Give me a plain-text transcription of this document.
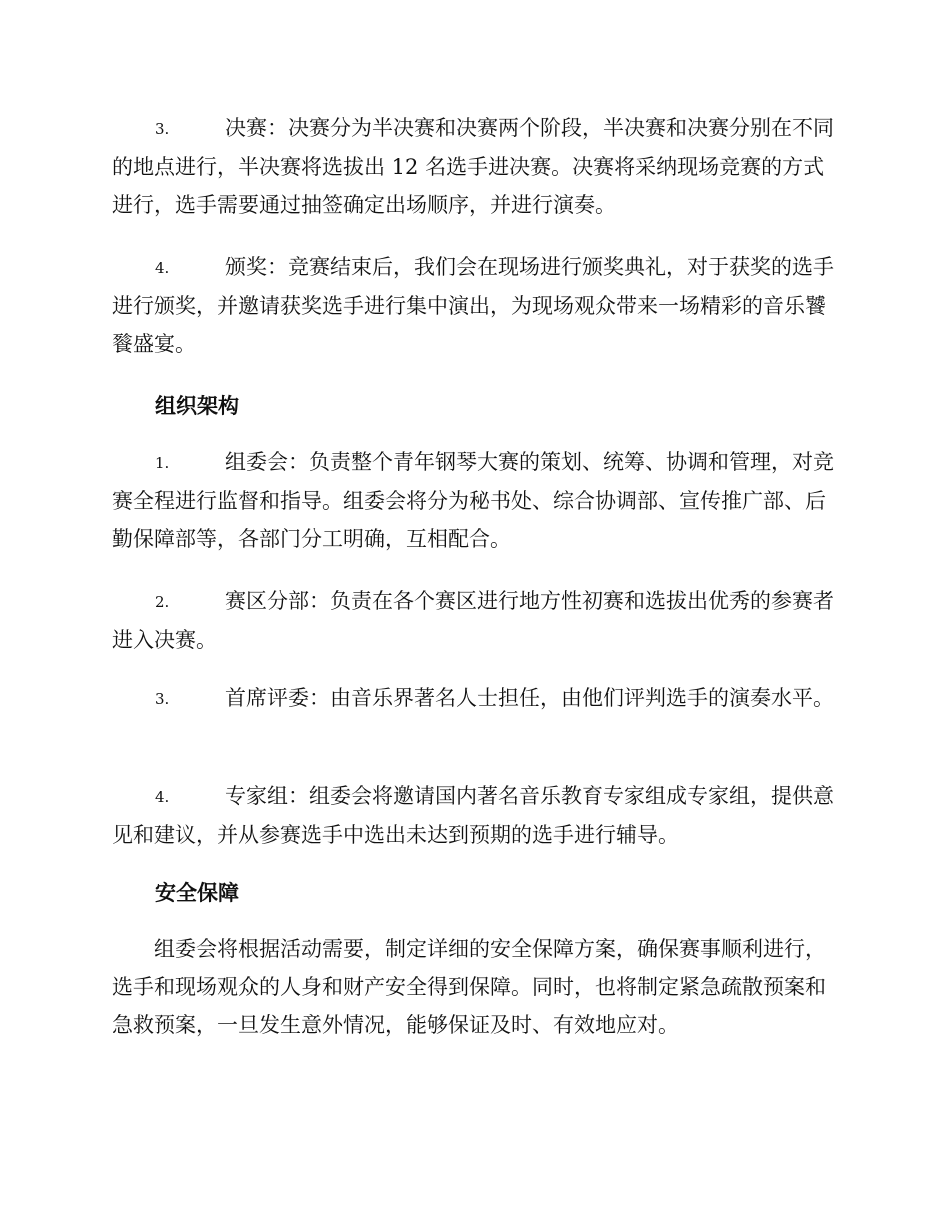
3.	决赛：决赛分为半决赛和决赛两个阶段，半决赛和决赛分别在不同的地点进行，半决赛将选拔出 12 名选手进决赛。决赛将采纳现场竞赛的方式进行，选手需要通过抽签确定出场顺序，并进行演奏。

4.	颁奖：竞赛结束后，我们会在现场进行颁奖典礼，对于获奖的选手进行颁奖，并邀请获奖选手进行集中演出，为现场观众带来一场精彩的音乐饕餮盛宴。

组织架构

1.	组委会：负责整个青年钢琴大赛的策划、统筹、协调和管理，对竞赛全程进行监督和指导。组委会将分为秘书处、综合协调部、宣传推广部、后勤保障部等，各部门分工明确，互相配合。

2.	赛区分部：负责在各个赛区进行地方性初赛和选拔出优秀的参赛者进入决赛。

3.	首席评委：由音乐界著名人士担任，由他们评判选手的演奏水平。

4.	专家组：组委会将邀请国内著名音乐教育专家组成专家组，提供意见和建议，并从参赛选手中选出未达到预期的选手进行辅导。

安全保障

组委会将根据活动需要，制定详细的安全保障方案，确保赛事顺利进行，选手和现场观众的人身和财产安全得到保障。同时，也将制定紧急疏散预案和急救预案，一旦发生意外情况，能够保证及时、有效地应对。
